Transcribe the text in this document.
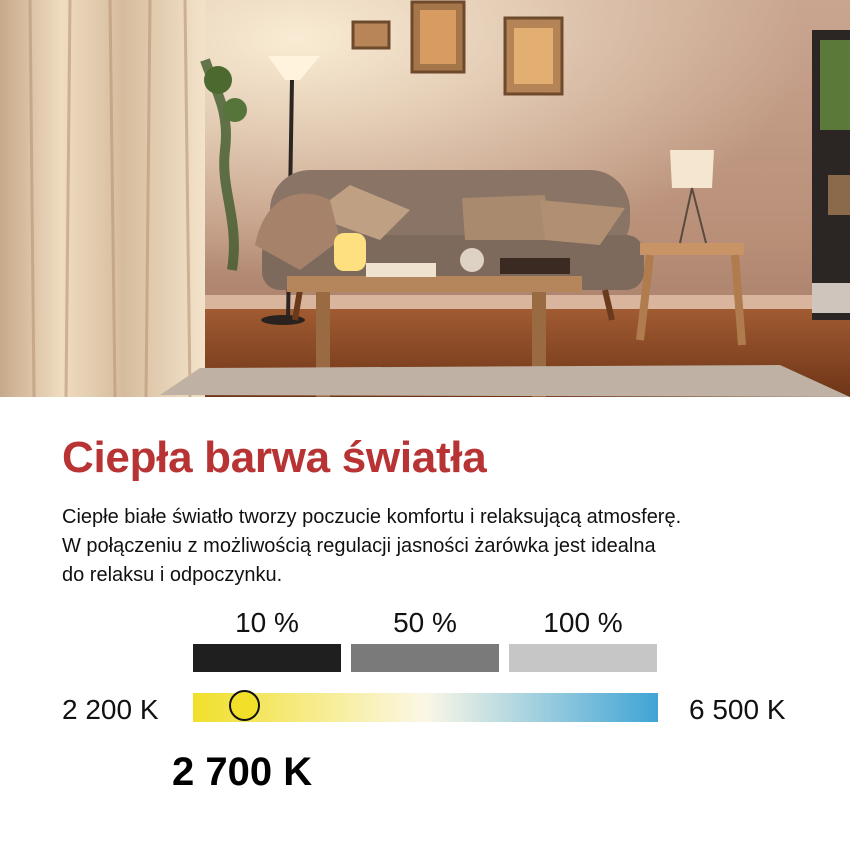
Ciepła barwa światła
Ciepłe białe światło tworzy poczucie komfortu i relaksującą atmosferę.
W połączeniu z możliwością regulacji jasności żarówka jest idealna
do relaksu i odpoczynku.
10 %	50 %	100 %
2 200 K	6 500 K
2 700 K
